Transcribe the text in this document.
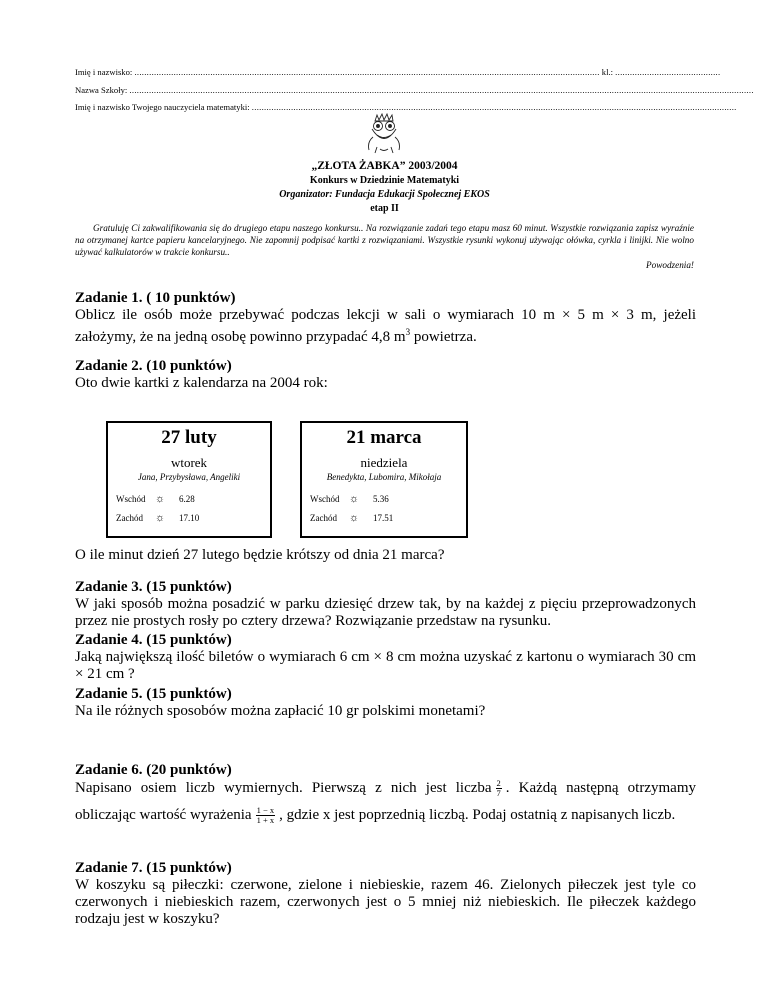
Imię i nazwisko: .............................................................................................................................................................................................. kl.: ...........................................
Nazwa Szkoły: ...............................................................................................................................................................................................................................................................
Imię i nazwisko Twojego nauczyciela matematyki: ......................................................................................................................................................................................................
„ZŁOTA ŻABKA” 2003/2004
Konkurs w Dziedzinie Matematyki
Organizator: Fundacja Edukacji Społecznej EKOS
etap II
Gratuluję Ci zakwalifikowania się do drugiego etapu naszego konkursu.. Na rozwiązanie zadań tego etapu masz 60 minut. Wszystkie rozwiązania zapisz wyraźnie na otrzymanej kartce papieru kancelaryjnego. Nie zapomnij podpisać kartki z rozwiązaniami. Wszystkie rysunki wykonuj używając ołówka, cyrkla i linijki. Nie wolno używać kalkulatorów w trakcie konkursu..
Powodzenia!
Zadanie 1. ( 10 punktów)

Oblicz ile osób może przebywać podczas lekcji w sali o wymiarach 10 m × 5 m × 3 m, jeżeli założymy, że na jedną osobę powinno przypadać 4,8 $m^3$ powietrza.

Zadanie 2. (10 punktów)

Oto dwie kartki z kalendarza na 2004 rok:

27 luty
wtorek
Jana, Przybysława, Angeliki
Wschód ☼ 6.28
Zachód ☼ 17.10
21 marca
niedziela
Benedykta, Lubomira, Mikołaja
Wschód ☼ 5.36
Zachód ☼ 17.51

O ile minut dzień 27 lutego będzie krótszy od dnia 21 marca?

Zadanie 3. (15 punktów)

W jaki sposób można posadzić w parku dziesięć drzew tak, by na każdej z pięciu przeprowadzonych przez nie prostych rosły po cztery drzewa? Rozwiązanie przedstaw na rysunku.

Zadanie 4. (15 punktów)

Jaką największą ilość biletów o wymiarach 6 cm × 8 cm można uzyskać z kartonu o wymiarach 30 cm × 21 cm ?

Zadanie 5. (15 punktów)

Na ile różnych sposobów można zapłacić 10 gr polskimi monetami?

Zadanie 6. (20 punktów)

Napisano osiem liczb wymiernych. Pierwszą z nich jest liczba $\frac{2}{7}$ . Każdą następną otrzymamy obliczając wartość wyrażenia $\frac{1 - x}{1 + x}$ , gdzie x jest poprzednią liczbą. Podaj ostatnią z napisanych liczb.

Zadanie 7. (15 punktów)

W koszyku są piłeczki: czerwone, zielone i niebieskie, razem 46. Zielonych piłeczek jest tyle co czerwonych i niebieskich razem, czerwonych jest o 5 mniej niż niebieskich. Ile piłeczek każdego rodzaju jest w koszyku?
